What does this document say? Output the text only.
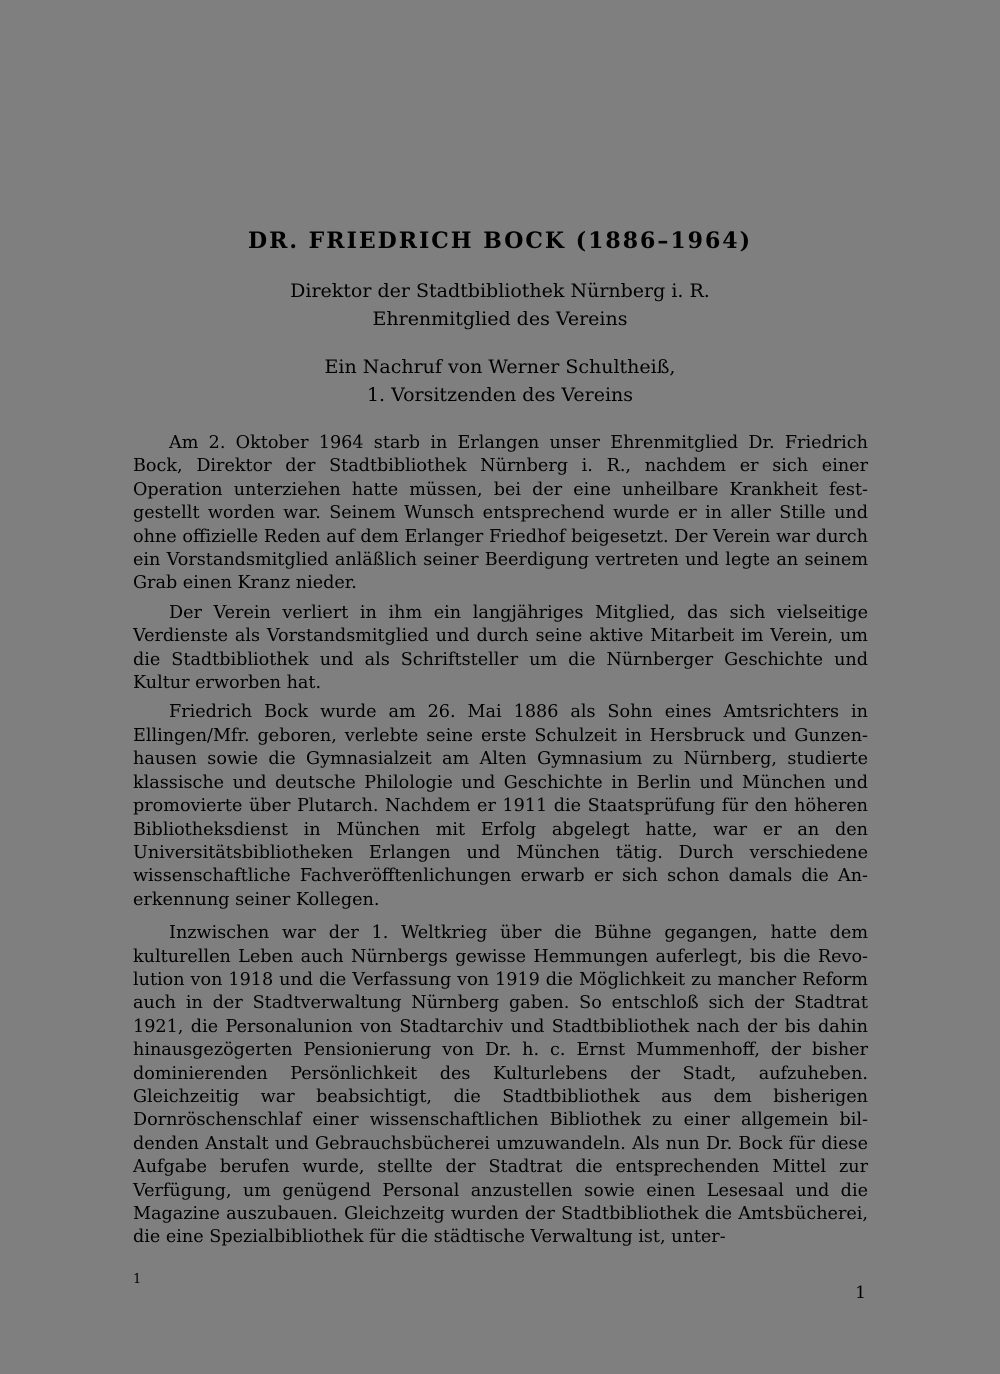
DR. FRIEDRICH BOCK (1886–1964)
Direktor der Stadtbibliothek Nürnberg i. R.
Ehrenmitglied des Vereins
Ein Nachruf von Werner Schultheiß,
1. Vorsitzenden des Vereins

Am 2. Oktober 1964 starb in Erlangen unser Ehrenmitglied Dr. Friedrich Bock, Direktor der Stadtbibliothek Nürnberg i. R., nachdem er sich einer Operation unterziehen hatte müssen, bei der eine unheilbare Krankheit festgestellt worden war. Seinem Wunsch entsprechend wurde er in aller Stille und ohne offizielle Reden auf dem Erlanger Friedhof beigesetzt. Der Verein war durch ein Vorstandsmitglied anläßlich seiner Beerdigung vertreten und legte an seinem Grab einen Kranz nieder.

Der Verein verliert in ihm ein langjähriges Mitglied, das sich vielseitige Verdienste als Vorstandsmitglied und durch seine aktive Mitarbeit im Verein, um die Stadtbibliothek und als Schriftsteller um die Nürnberger Geschichte und Kultur erworben hat.

Friedrich Bock wurde am 26. Mai 1886 als Sohn eines Amtsrichters in Ellingen/Mfr. geboren, verlebte seine erste Schulzeit in Hersbruck und Gunzenhausen sowie die Gymnasialzeit am Alten Gymnasium zu Nürnberg, studierte klassische und deutsche Philologie und Geschichte in Berlin und München und promovierte über Plutarch. Nachdem er 1911 die Staatsprüfung für den höheren Bibliotheksdienst in München mit Erfolg abgelegt hatte, war er an den Universitätsbibliotheken Erlangen und München tätig. Durch verschiedene wissenschaftliche Fachveröfftenlichungen erwarb er sich schon damals die Anerkennung seiner Kollegen.

Inzwischen war der 1. Weltkrieg über die Bühne gegangen, hatte dem kulturellen Leben auch Nürnbergs gewisse Hemmungen auferlegt, bis die Revolution von 1918 und die Verfassung von 1919 die Möglichkeit zu mancher Reform auch in der Stadtverwaltung Nürnberg gaben. So entschloß sich der Stadtrat 1921, die Personalunion von Stadtarchiv und Stadtbibliothek nach der bis dahin hinausgezögerten Pensionierung von Dr. h. c. Ernst Mummenhoff, der bisher dominierenden Persönlichkeit des Kulturlebens der Stadt, aufzuheben. Gleichzeitig war beabsichtigt, die Stadtbibliothek aus dem bisherigen Dornröschenschlaf einer wissenschaftlichen Bibliothek zu einer allgemein bildenden Anstalt und Gebrauchsbücherei umzuwandeln. Als nun Dr. Bock für diese Aufgabe berufen wurde, stellte der Stadtrat die entsprechenden Mittel zur Verfügung, um genügend Personal anzustellen sowie einen Lesesaal und die Magazine auszubauen. Gleichzeitg wurden der Stadtbibliothek die Amtsbücherei, die eine Spezialbibliothek für die städtische Verwaltung ist, unter-

1
1
